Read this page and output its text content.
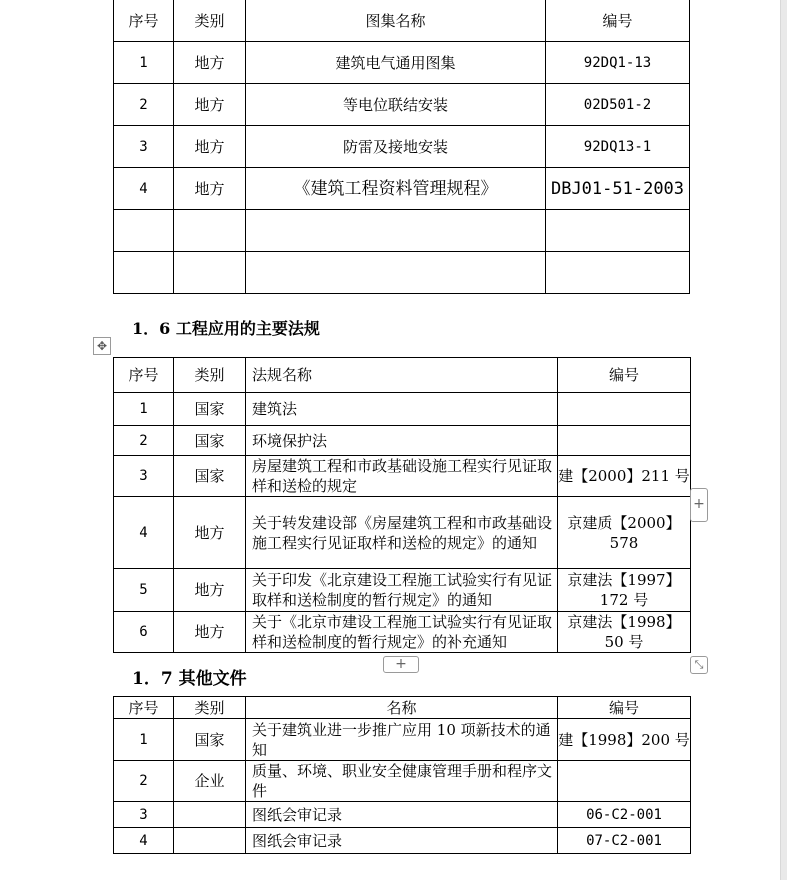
序号	类别	图集名称	编号
1	地方	建筑电气通用图集	92DQ1-13
2	地方	等电位联结安装	02D501-2
3	地方	防雷及接地安装	92DQ13-1
4	地方	《建筑工程资料管理规程》	DBJ01-51-2003

1．6 工程应用的主要法规
✥
序号	类别	法规名称	编号
1	国家	建筑法	
2	国家	环境保护法	
3	国家	房屋建筑工程和市政基础设施工程实行见证取样和送检的规定	建【2000】211 号
4	地方	关于转发建设部《房屋建筑工程和市政基础设施工程实行见证取样和送检的规定》的通知	京建质【2000】578
5	地方	关于印发《北京建设工程施工试验实行有见证取样和送检制度的暂行规定》的通知	京建法【1997】172 号
6	地方	关于《北京市建设工程施工试验实行有见证取样和送检制度的暂行规定》的补充通知	京建法【1998】50 号
+
+	⤡
1．7 其他文件
序号	类别	名称	编号
1	国家	关于建筑业进一步推广应用 10 项新技术的通知	建【1998】200 号
2	企业	质量、环境、职业安全健康管理手册和程序文件	
3		图纸会审记录	06-C2-001
4		图纸会审记录	07-C2-001
